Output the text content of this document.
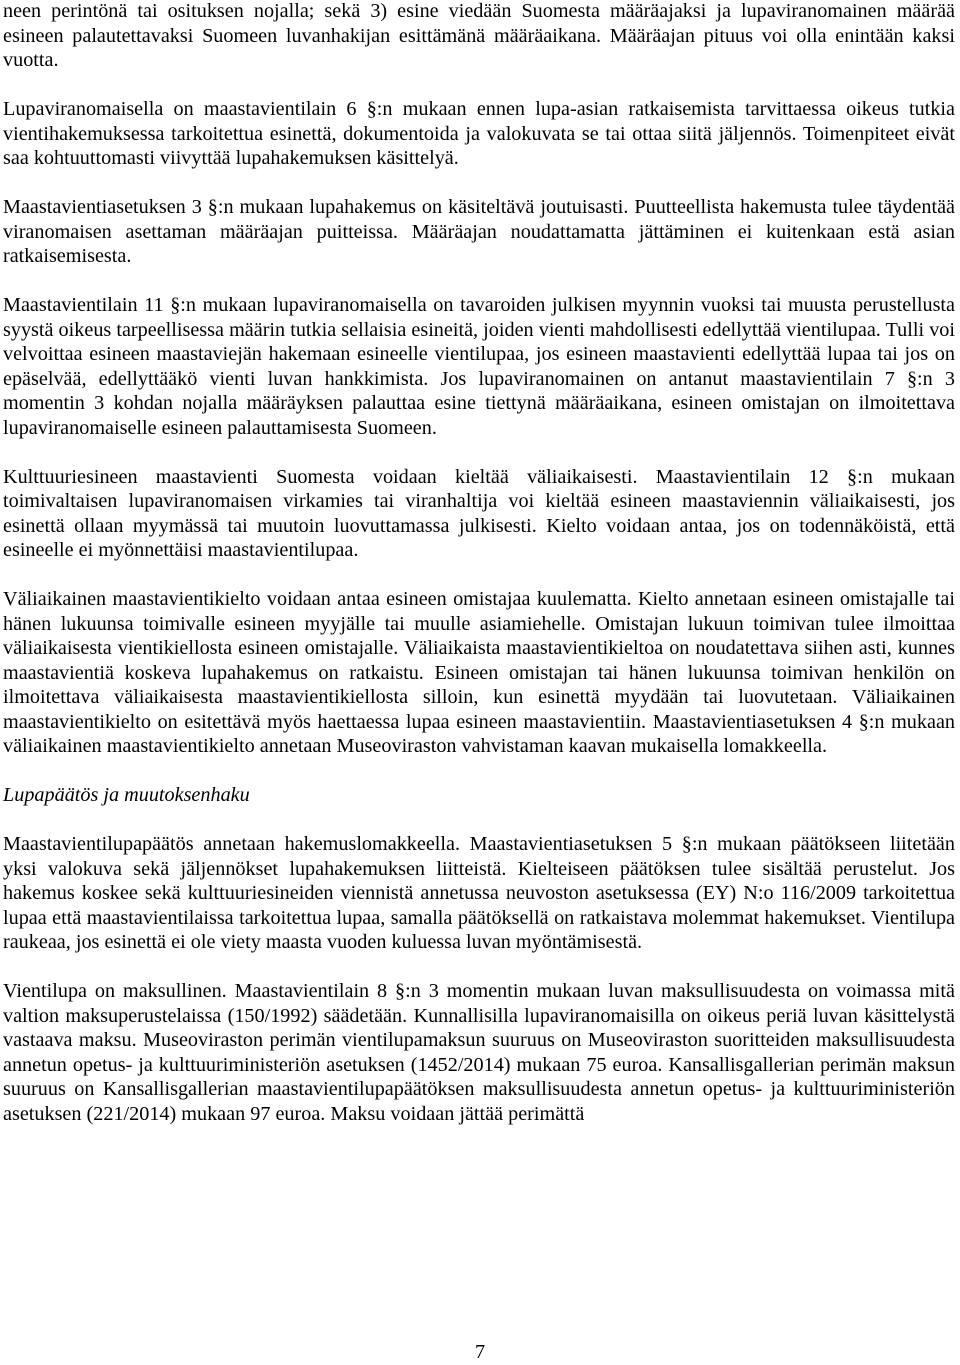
neen perintönä tai osituksen nojalla; sekä 3) esine viedään Suomesta määräajaksi ja lupaviranomainen määrää esineen palautettavaksi Suomeen luvanhakijan esittämänä määräaikana. Määräajan pituus voi olla enintään kaksi vuotta.

Lupaviranomaisella on maastavientilain 6 §:n mukaan ennen lupa-asian ratkaisemista tarvittaessa oikeus tutkia vientihakemuksessa tarkoitettua esinettä, dokumentoida ja valokuvata se tai ottaa siitä jäljennös. Toimenpiteet eivät saa kohtuuttomasti viivyttää lupahakemuksen käsittelyä.

Maastavientiasetuksen 3 §:n mukaan lupahakemus on käsiteltävä joutuisasti. Puutteellista hakemusta tulee täydentää viranomaisen asettaman määräajan puitteissa. Määräajan noudattamatta jättäminen ei kuitenkaan estä asian ratkaisemisesta.

Maastavientilain 11 §:n mukaan lupaviranomaisella on tavaroiden julkisen myynnin vuoksi tai muusta perustellusta syystä oikeus tarpeellisessa määrin tutkia sellaisia esineitä, joiden vienti mahdollisesti edellyttää vientilupaa. Tulli voi velvoittaa esineen maastaviejän hakemaan esineelle vientilupaa, jos esineen maastavienti edellyttää lupaa tai jos on epäselvää, edellyttääkö vienti luvan hankkimista. Jos lupaviranomainen on antanut maastavientilain 7 §:n 3 momentin 3 kohdan nojalla määräyksen palauttaa esine tiettynä määräaikana, esineen omistajan on ilmoitettava lupaviranomaiselle esineen palauttamisesta Suomeen.

Kulttuuriesineen maastavienti Suomesta voidaan kieltää väliaikaisesti. Maastavientilain 12 §:n mukaan toimivaltaisen lupaviranomaisen virkamies tai viranhaltija voi kieltää esineen maastaviennin väliaikaisesti, jos esinettä ollaan myymässä tai muutoin luovuttamassa julkisesti. Kielto voidaan antaa, jos on todennäköistä, että esineelle ei myönnettäisi maastavientilupaa.

Väliaikainen maastavientikielto voidaan antaa esineen omistajaa kuulematta. Kielto annetaan esineen omistajalle tai hänen lukuunsa toimivalle esineen myyjälle tai muulle asiamiehelle. Omistajan lukuun toimivan tulee ilmoittaa väliaikaisesta vientikiellosta esineen omistajalle. Väliaikaista maastavientikieltoa on noudatettava siihen asti, kunnes maastavientiä koskeva lupahakemus on ratkaistu. Esineen omistajan tai hänen lukuunsa toimivan henkilön on ilmoitettava väliaikaisesta maastavientikiellosta silloin, kun esinettä myydään tai luovutetaan. Väliaikainen maastavientikielto on esitettävä myös haettaessa lupaa esineen maastavientiin. Maastavientiasetuksen 4 §:n mukaan väliaikainen maastavientikielto annetaan Museoviraston vahvistaman kaavan mukaisella lomakkeella.

Lupapäätös ja muutoksenhaku

Maastavientilupapäätös annetaan hakemuslomakkeella. Maastavientiasetuksen 5 §:n mukaan päätökseen liitetään yksi valokuva sekä jäljennökset lupahakemuksen liitteistä. Kielteiseen päätöksen tulee sisältää perustelut. Jos hakemus koskee sekä kulttuuriesineiden viennistä annetussa neuvoston asetuksessa (EY) N:o 116/2009 tarkoitettua lupaa että maastavientilaissa tarkoitettua lupaa, samalla päätöksellä on ratkaistava molemmat hakemukset. Vientilupa raukeaa, jos esinettä ei ole viety maasta vuoden kuluessa luvan myöntämisestä.

Vientilupa on maksullinen. Maastavientilain 8 §:n 3 momentin mukaan luvan maksullisuudesta on voimassa mitä valtion maksuperustelaissa (150/1992) säädetään. Kunnallisilla lupaviranomaisilla on oikeus periä luvan käsittelystä vastaava maksu. Museoviraston perimän vientilupamaksun suuruus on Museoviraston suoritteiden maksullisuudesta annetun opetus- ja kulttuuriministeriön asetuksen (1452/2014) mukaan 75 euroa. Kansallisgallerian perimän maksun suuruus on Kansallisgallerian maastavientilupapäätöksen maksullisuudesta annetun opetus- ja kulttuuriministeriön asetuksen (221/2014) mukaan 97 euroa. Maksu voidaan jättää perimättä

7
